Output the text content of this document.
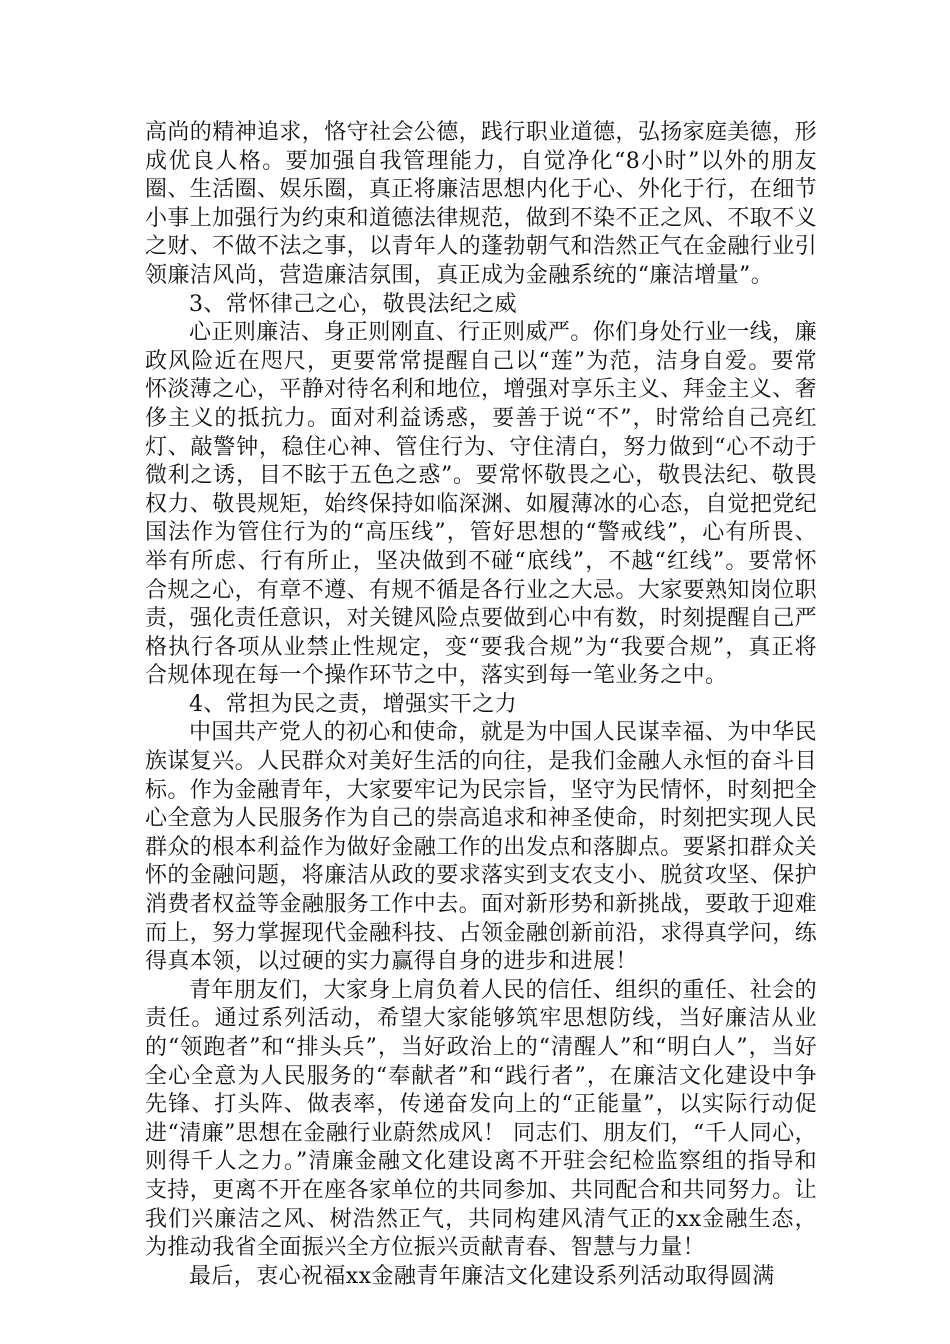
高尚的精神追求，恪守社会公德，践行职业道德，弘扬家庭美德，形成优良人格。要加强自我管理能力，自觉净化“8小时”以外的朋友圈、生活圈、娱乐圈，真正将廉洁思想内化于心、外化于行，在细节小事上加强行为约束和道德法律规范，做到不染不正之风、不取不义之财、不做不法之事，以青年人的蓬勃朝气和浩然正气在金融行业引领廉洁风尚，营造廉洁氛围，真正成为金融系统的“廉洁增量”。

3、常怀律己之心，敬畏法纪之威

心正则廉洁、身正则刚直、行正则威严。你们身处行业一线，廉政风险近在咫尺，更要常常提醒自己以“莲”为范，洁身自爱。要常怀淡薄之心，平静对待名利和地位，增强对享乐主义、拜金主义、奢侈主义的抵抗力。面对利益诱惑，要善于说“不”，时常给自己亮红灯、敲警钟，稳住心神、管住行为、守住清白，努力做到“心不动于微利之诱，目不眩于五色之惑”。要常怀敬畏之心，敬畏法纪、敬畏权力、敬畏规矩，始终保持如临深渊、如履薄冰的心态，自觉把党纪国法作为管住行为的“高压线”，管好思想的“警戒线”，心有所畏、举有所虑、行有所止，坚决做到不碰“底线”，不越“红线”。要常怀合规之心，有章不遵、有规不循是各行业之大忌。大家要熟知岗位职责，强化责任意识，对关键风险点要做到心中有数，时刻提醒自己严格执行各项从业禁止性规定，变“要我合规”为“我要合规”，真正将合规体现在每一个操作环节之中，落实到每一笔业务之中。

4、常担为民之责，增强实干之力

中国共产党人的初心和使命，就是为中国人民谋幸福、为中华民族谋复兴。人民群众对美好生活的向往，是我们金融人永恒的奋斗目标。作为金融青年，大家要牢记为民宗旨，坚守为民情怀，时刻把全心全意为人民服务作为自己的崇高追求和神圣使命，时刻把实现人民群众的根本利益作为做好金融工作的出发点和落脚点。要紧扣群众关怀的金融问题，将廉洁从政的要求落实到支农支小、脱贫攻坚、保护消费者权益等金融服务工作中去。面对新形势和新挑战，要敢于迎难而上，努力掌握现代金融科技、占领金融创新前沿，求得真学问，练得真本领，以过硬的实力赢得自身的进步和进展！

青年朋友们，大家身上肩负着人民的信任、组织的重任、社会的责任。通过系列活动，希望大家能够筑牢思想防线，当好廉洁从业的“领跑者”和“排头兵”，当好政治上的“清醒人”和“明白人”，当好全心全意为人民服务的“奉献者”和“践行者”，在廉洁文化建设中争先锋、打头阵、做表率，传递奋发向上的“正能量”，以实际行动促进“清廉”思想在金融行业蔚然成风！ 同志们、朋友们，“千人同心，则得千人之力。”清廉金融文化建设离不开驻会纪检监察组的指导和支持，更离不开在座各家单位的共同参加、共同配合和共同努力。让我们兴廉洁之风、树浩然正气，共同构建风清气正的xx金融生态，为推动我省全面振兴全方位振兴贡献青春、智慧与力量！

最后，衷心祝福xx金融青年廉洁文化建设系列活动取得圆满
